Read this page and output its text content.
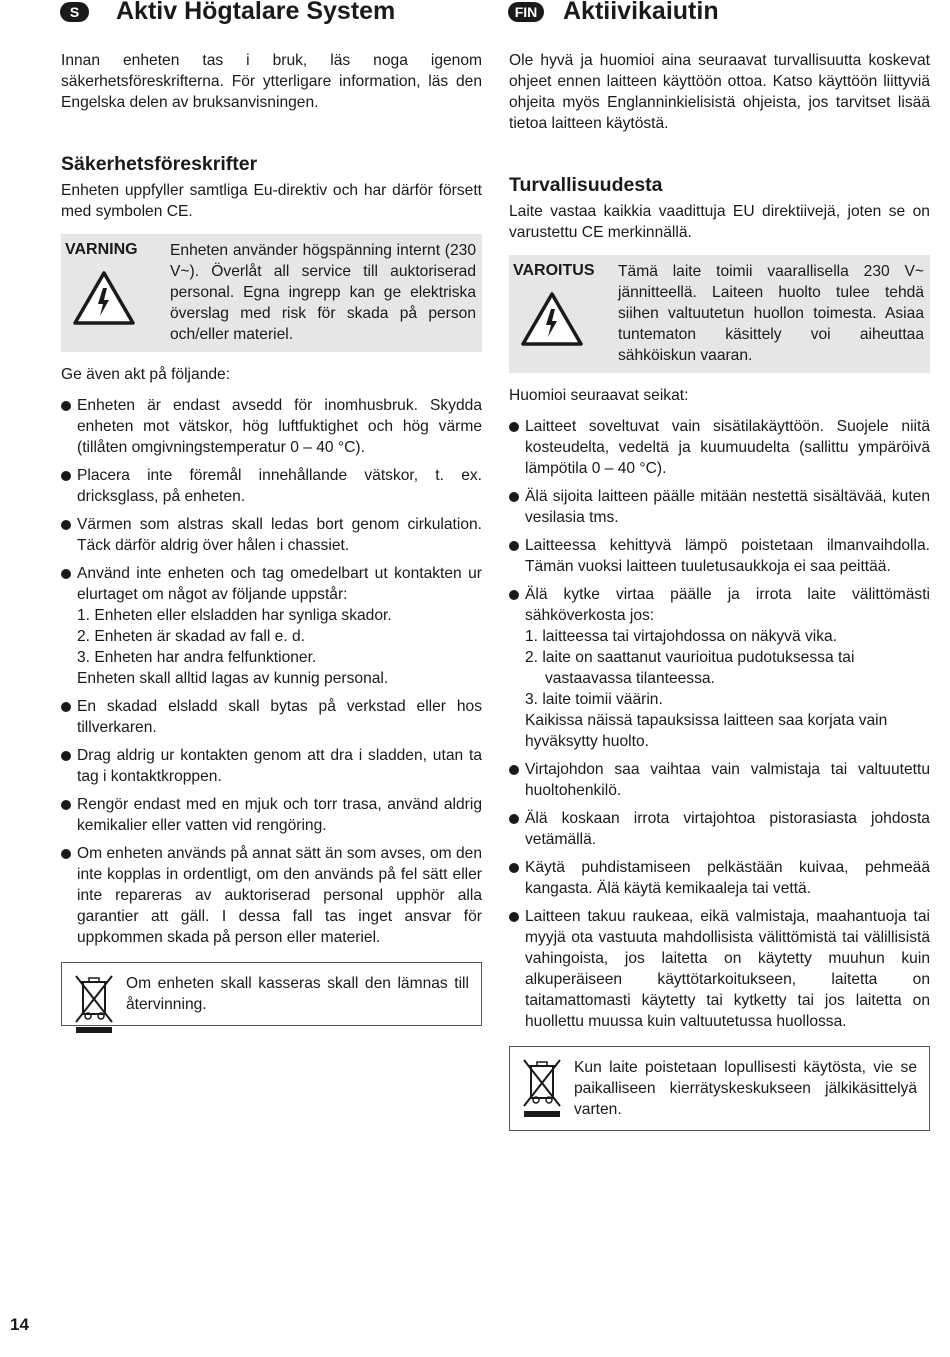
S	Aktiv Högtalare System

Innan enheten tas i bruk, läs noga igenom säkerhetsföreskrifterna. För ytterligare information, läs den Engelska delen av bruksanvisningen.

Säkerhetsföreskrifter

Enheten uppfyller samtliga Eu-direktiv och har därför försett med symbolen CE.

VARNING Enheten använder högspänning internt (230 V~). Överlåt all service till auktoriserad personal. Egna ingrepp kan ge elektriska överslag med risk för skada på person och/eller materiel.

Ge även akt på följande:

Enheten är endast avsedd för inomhusbruk. Skydda enheten mot vätskor, hög luftfuktighet och hög värme (tillåten omgivningstemperatur 0 – 40 °C).
Placera inte föremål innehållande vätskor, t. ex. dricksglass, på enheten.
Värmen som alstras skall ledas bort genom cirkulation. Täck därför aldrig över hålen i chassiet.
Använd inte enheten och tag omedelbart ut kontakten ur elurtaget om något av följande uppstår:
1. Enheten eller elsladden har synliga skador.
2. Enheten är skadad av fall e. d.
3. Enheten har andra felfunktioner.
Enheten skall alltid lagas av kunnig personal.
En skadad elsladd skall bytas på verkstad eller hos tillverkaren.
Drag aldrig ur kontakten genom att dra i sladden, utan ta tag i kontaktkroppen.
Rengör endast med en mjuk och torr trasa, använd aldrig kemikalier eller vatten vid rengöring.
Om enheten används på annat sätt än som avses, om den inte kopplas in ordentligt, om den används på fel sätt eller inte repareras av auktoriserad personal upphör alla garantier att gäll. I dessa fall tas inget ansvar för uppkommen skada på person eller materiel.

Om enheten skall kasseras skall den lämnas till återvinning.

FIN Aktiivikaiutin

Ole hyvä ja huomioi aina seuraavat turvallisuutta koskevat ohjeet ennen laitteen käyttöön ottoa. Katso käyttöön liittyviä ohjeita myös Englanninkielisistä ohjeista, jos tarvitset lisää tietoa laitteen käytöstä.

Turvallisuudesta

Laite vastaa kaikkia vaadittuja EU direktiivejä, joten se on varustettu CE merkinnällä.

VAROITUS Tämä laite toimii vaarallisella 230 V~ jännitteellä. Laiteen huolto tulee tehdä siihen valtuutetun huollon toimesta. Asiaa tuntematon käsittely voi aiheuttaa sähköiskun vaaran.

Huomioi seuraavat seikat:

Laitteet soveltuvat vain sisätilakäyttöön. Suojele niitä kosteudelta, vedeltä ja kuumuudelta (sallittu ympäröivä lämpötila 0 – 40 °C).
Älä sijoita laitteen päälle mitään nestettä sisältävää, kuten vesilasia tms.
Laitteessa kehittyvä lämpö poistetaan ilmanvaihdolla. Tämän vuoksi laitteen tuuletusaukkoja ei saa peittää.
Älä kytke virtaa päälle ja irrota laite välittömästi sähköverkosta jos:
1. laitteessa tai virtajohdossa on näkyvä vika.
2. laite on saattanut vaurioitua pudotuksessa tai vastaavassa tilanteessa.
3. laite toimii väärin.
Kaikissa näissä tapauksissa laitteen saa korjata vain hyväksytty huolto.
Virtajohdon saa vaihtaa vain valmistaja tai valtuutettu huoltohenkilö.
Älä koskaan irrota virtajohtoa pistorasiasta johdosta vetämällä.
Käytä puhdistamiseen pelkästään kuivaa, pehmeää kangasta. Älä käytä kemikaaleja tai vettä.
Laitteen takuu raukeaa, eikä valmistaja, maahantuoja tai myyjä ota vastuuta mahdollisista välittömistä tai välillisistä vahingoista, jos laitetta on käytetty muuhun kuin alkuperäiseen käyttötarkoitukseen, laitetta on taitamattomasti käytetty tai kytketty tai jos laitetta on huollettu muussa kuin valtuutetussa huollossa.

Kun laite poistetaan lopullisesti käytösta, vie se paikalliseen kierrätyskeskukseen jälkikäsittelyä varten.

14
